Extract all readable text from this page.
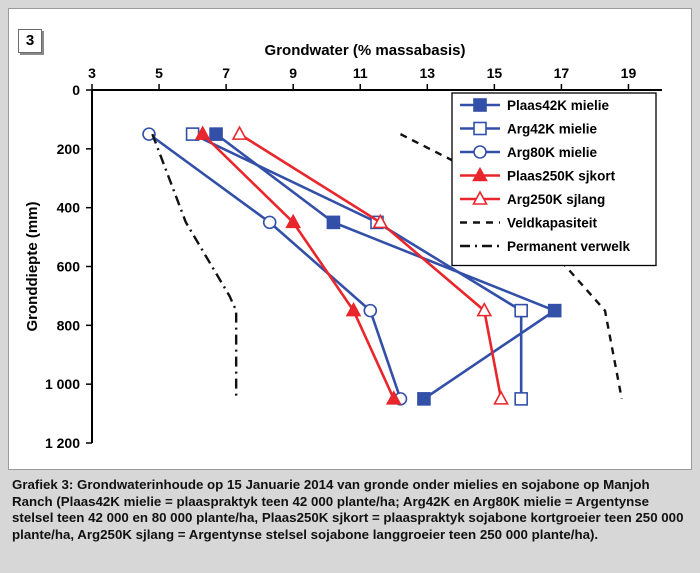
3
3	5	7	9	11	13	15	17	19
0
200
400
600
800
1 000
1 200
Grondwater (% massabasis)
Gronddiepte (mm)
Plaas42K mielie
Arg42K mielie
Arg80K mielie
Plaas250K sjkort
Arg250K sjlang
Veldkapasiteit
Permanent verwelk
Grafiek 3: Grondwaterinhoude op 15 Januarie 2014 van gronde onder mielies en sojabone op Manjoh Ranch (Plaas42K mielie = plaaspraktyk teen 42 000 plante/ha; Arg42K en Arg80K mielie = Argentynse stelsel teen 42 000 en 80 000 plante/ha, Plaas250K sjkort = plaaspraktyk sojabone kortgroeier teen 250 000 plante/ha, Arg250K sjlang = Argentynse stelsel sojabone langgroeier teen 250 000 plante/ha).
